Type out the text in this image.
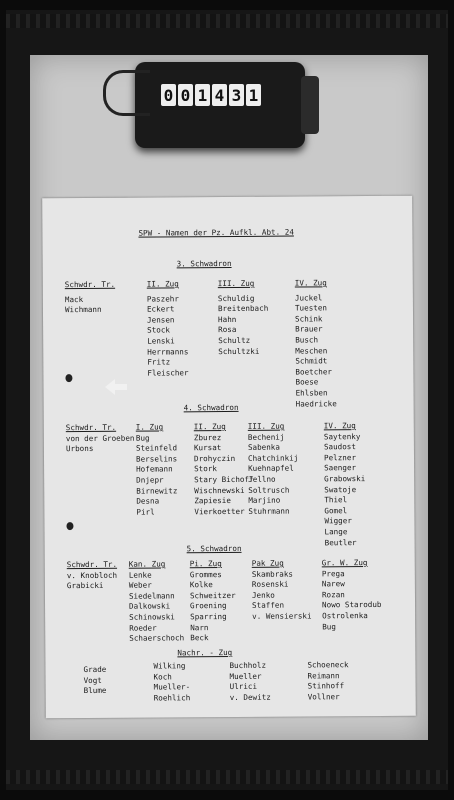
0 0 1 4 3 1
SPW - Namen der Pz. Aufkl. Abt. 24
3. Schwadron
Schwdr. Tr.
Mack
Wichmann
II. Zug
Paszehr
Eckert
Jensen
Stock
Lenski
Herrmanns
Fritz
Fleischer
III. Zug
Schuldig
Breitenbach
Hahn
Rosa
Schultz
Schultzki
IV. Zug
Juckel
Tuesten
Schink
Brauer
Busch
Meschen
Schmidt
Boetcher
Boese
Ehlsben
Haedricke
4. Schwadron
Schwdr. Tr.
von der Groeben
Urbons
I. Zug
Bug
Steinfeld
Berselins
Hofemann
Dnjepr
Birnewitz
Desna
Pirl
II. Zug
Zburez
Kursat
Drohyczin
Stork
Stary Bichoff
Wischnewski
Zapiesie
Vierkoetter
III. Zug
Bechenij
Sabenka
Chatchinkij
Kuehnapfel
Jellno
Soltrusch
Marjino
Stuhrmann
IV. Zug
Saytenky
Saudost
Pelzner
Saenger
Grabowski
Swatoje
Thiel
Gomel
Wigger
Lange
Beutler
5. Schwadron
Schwdr. Tr.
v. Knobloch
Grabicki
Kan. Zug
Lenke
Weber
Siedelmann
Dalkowski
Schinowski
Roeder
Schaerschoch
Pi. Zug
Grommes
Kolke
Schweitzer
Groening
Sparring
Narn
Beck
Pak Zug
Skambraks
Rosenski
Jenko
Staffen
v. Wensierski
Gr. W. Zug
Prega
Narew
Rozan
Nowo Starodub
Ostrolenka
Bug
Nachr. - Zug
Grade
Vogt
Blume
Wilking
Koch
Mueller-
Roehlich
Buchholz
Mueller
Ulrici
v. Dewitz
Schoeneck
Reimann
Stinhoff
Vollner
